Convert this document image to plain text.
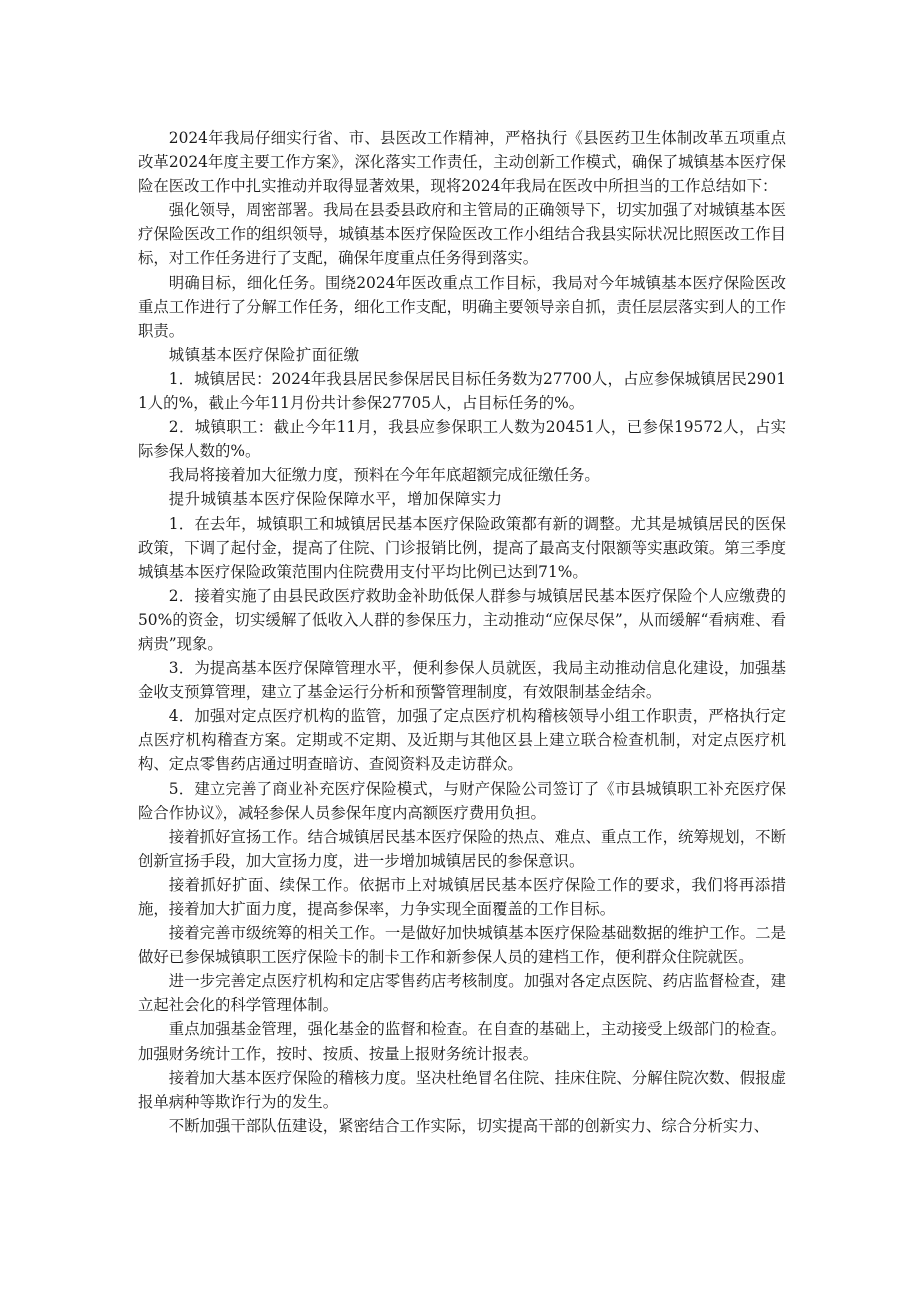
2024年我局仔细实行省、市、县医改工作精神，严格执行《县医药卫生体制改革五项重点改革2024年度主要工作方案》，深化落实工作责任，主动创新工作模式，确保了城镇基本医疗保险在医改工作中扎实推动并取得显著效果，现将2024年我局在医改中所担当的工作总结如下：

强化领导，周密部署。我局在县委县政府和主管局的正确领导下，切实加强了对城镇基本医疗保险医改工作的组织领导，城镇基本医疗保险医改工作小组结合我县实际状况比照医改工作目标，对工作任务进行了支配，确保年度重点任务得到落实。

明确目标，细化任务。围绕2024年医改重点工作目标，我局对今年城镇基本医疗保险医改重点工作进行了分解工作任务，细化工作支配，明确主要领导亲自抓，责任层层落实到人的工作职责。

城镇基本医疗保险扩面征缴

1．城镇居民：2024年我县居民参保居民目标任务数为27700人，占应参保城镇居民29011人的%，截止今年11月份共计参保27705人，占目标任务的%。

2．城镇职工：截止今年11月，我县应参保职工人数为20451人，已参保19572人，占实际参保人数的%。

我局将接着加大征缴力度，预料在今年年底超额完成征缴任务。

提升城镇基本医疗保险保障水平，增加保障实力

1．在去年，城镇职工和城镇居民基本医疗保险政策都有新的调整。尤其是城镇居民的医保政策，下调了起付金，提高了住院、门诊报销比例，提高了最高支付限额等实惠政策。第三季度城镇基本医疗保险政策范围内住院费用支付平均比例已达到71%。

2．接着实施了由县民政医疗救助金补助低保人群参与城镇居民基本医疗保险个人应缴费的50%的资金，切实缓解了低收入人群的参保压力，主动推动“应保尽保”，从而缓解“看病难、看病贵”现象。

3．为提高基本医疗保障管理水平，便利参保人员就医，我局主动推动信息化建设，加强基金收支预算管理，建立了基金运行分析和预警管理制度，有效限制基金结余。

4．加强对定点医疗机构的监管，加强了定点医疗机构稽核领导小组工作职责，严格执行定点医疗机构稽查方案。定期或不定期、及近期与其他区县上建立联合检查机制，对定点医疗机构、定点零售药店通过明查暗访、查阅资料及走访群众。

5．建立完善了商业补充医疗保险模式，与财产保险公司签订了《市县城镇职工补充医疗保险合作协议》，减轻参保人员参保年度内高额医疗费用负担。

接着抓好宣扬工作。结合城镇居民基本医疗保险的热点、难点、重点工作，统筹规划，不断创新宣扬手段，加大宣扬力度，进一步增加城镇居民的参保意识。

接着抓好扩面、续保工作。依据市上对城镇居民基本医疗保险工作的要求，我们将再添措施，接着加大扩面力度，提高参保率，力争实现全面覆盖的工作目标。

接着完善市级统筹的相关工作。一是做好加快城镇基本医疗保险基础数据的维护工作。二是做好已参保城镇职工医疗保险卡的制卡工作和新参保人员的建档工作，便利群众住院就医。

进一步完善定点医疗机构和定店零售药店考核制度。加强对各定点医院、药店监督检查，建立起社会化的科学管理体制。

重点加强基金管理，强化基金的监督和检查。在自查的基础上，主动接受上级部门的检查。加强财务统计工作，按时、按质、按量上报财务统计报表。

接着加大基本医疗保险的稽核力度。坚决杜绝冒名住院、挂床住院、分解住院次数、假报虚报单病种等欺诈行为的发生。

不断加强干部队伍建设，紧密结合工作实际，切实提高干部的创新实力、综合分析实力、
